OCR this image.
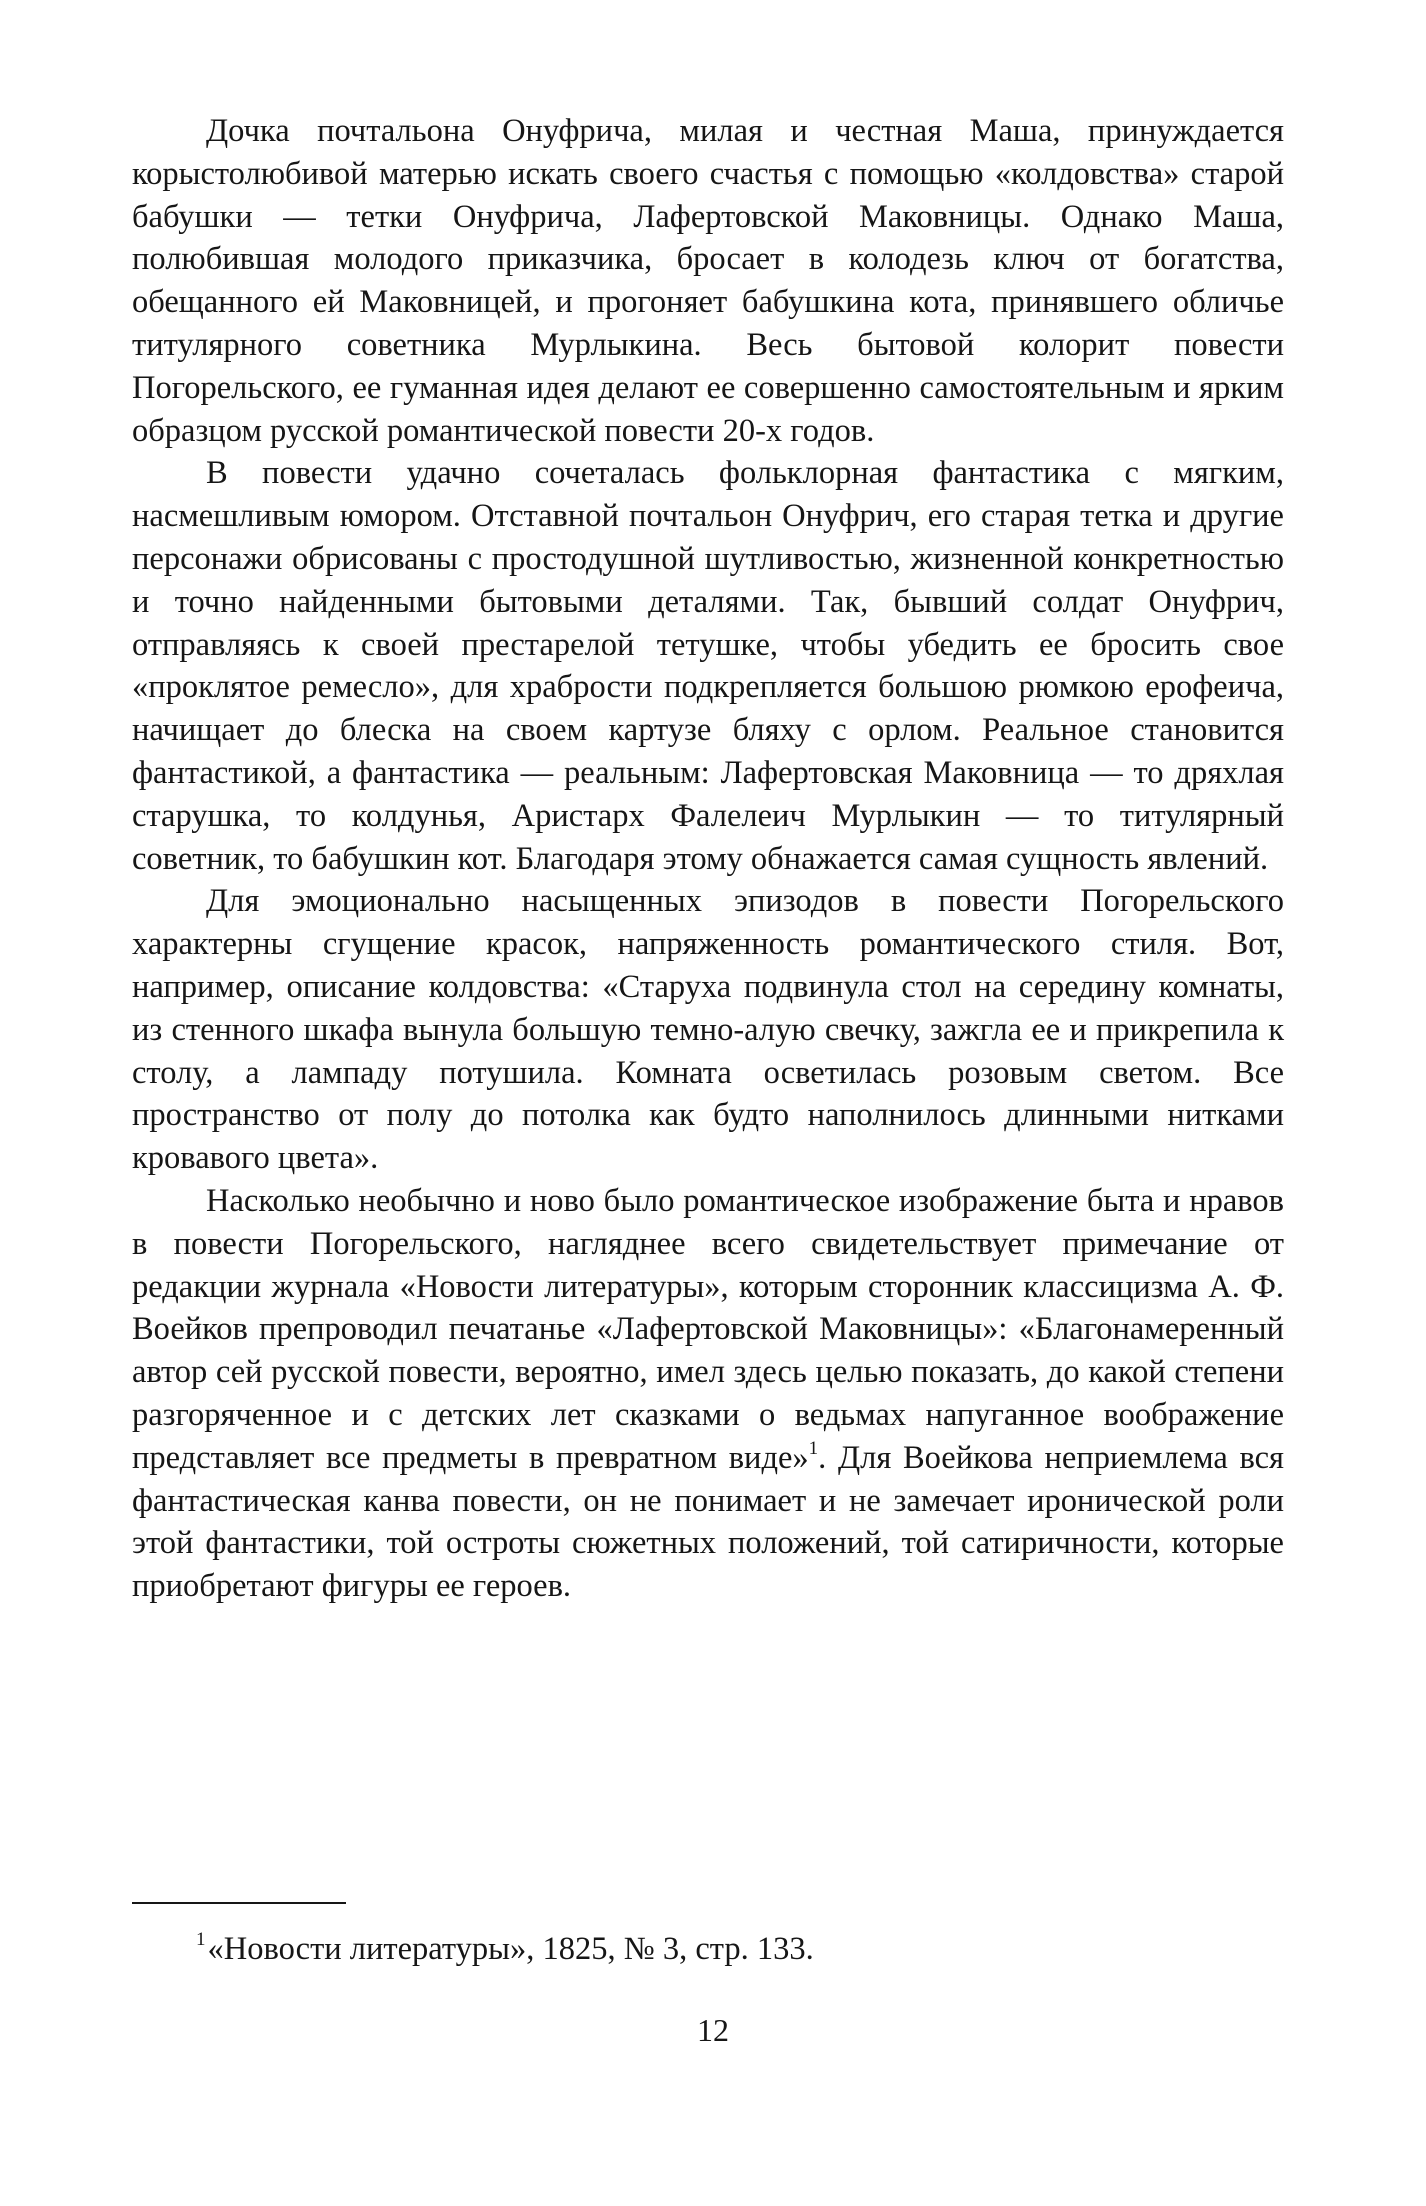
Дочка почтальона Онуфрича, милая и честная Маша, принуждается корыстолюбивой матерью искать своего счастья с помощью «колдовства» старой бабушки — тетки Онуфрича, Лафертовской Маковницы. Однако Маша, полюбившая молодого приказчика, бросает в колодезь ключ от богатства, обещанного ей Маковницей, и прогоняет бабушкина кота, принявшего обличье титулярного советника Мурлыкина. Весь бытовой колорит повести Погорельского, ее гуманная идея делают ее совершенно самостоятельным и ярким образцом русской романтической повести 20-х годов.

В повести удачно сочеталась фольклорная фантастика с мягким, насмешливым юмором. Отставной почтальон Онуфрич, его старая тетка и другие персонажи обрисованы с простодушной шутливостью, жизненной конкретностью и точно найденными бытовыми деталями. Так, бывший солдат Онуфрич, отправляясь к своей престарелой тетушке, чтобы убедить ее бросить свое «проклятое ремесло», для храбрости подкрепляется большою рюмкою ерофеича, начищает до блеска на своем картузе бляху с орлом. Реальное становится фантастикой, а фантастика — реальным: Лафертовская Маковница — то дряхлая старушка, то колдунья, Аристарх Фалелеич Мурлыкин — то титулярный советник, то бабушкин кот. Благодаря этому обнажается самая сущность явлений.

Для эмоционально насыщенных эпизодов в повести Погорельского характерны сгущение красок, напряженность романтического стиля. Вот, например, описание колдовства: «Старуха подвинула стол на середину комнаты, из стенного шкафа вынула большую темно-алую свечку, зажгла ее и прикрепила к столу, а лампаду потушила. Комната осветилась розовым светом. Все пространство от полу до потолка как будто наполнилось длинными нитками кровавого цвета».

Насколько необычно и ново было романтическое изображение быта и нравов в повести Погорельского, нагляднее всего свидетельствует примечание от редакции журнала «Новости литературы», которым сторонник классицизма А. Ф. Воейков препроводил печатанье «Лафертовской Маковницы»: «Благонамеренный автор сей русской повести, вероятно, имел здесь целью показать, до какой степени разгоряченное и с детских лет сказками о ведьмах напуганное воображение представляет все предметы в превратном виде»$^1$. Для Воейкова неприемлема вся фантастическая канва повести, он не понимает и не замечает иронической роли этой фантастики, той остроты сюжетных положений, той сатиричности, которые приобретают фигуры ее героев.

$^1$«Новости литературы», 1825, № 3, стр. 133.

12
